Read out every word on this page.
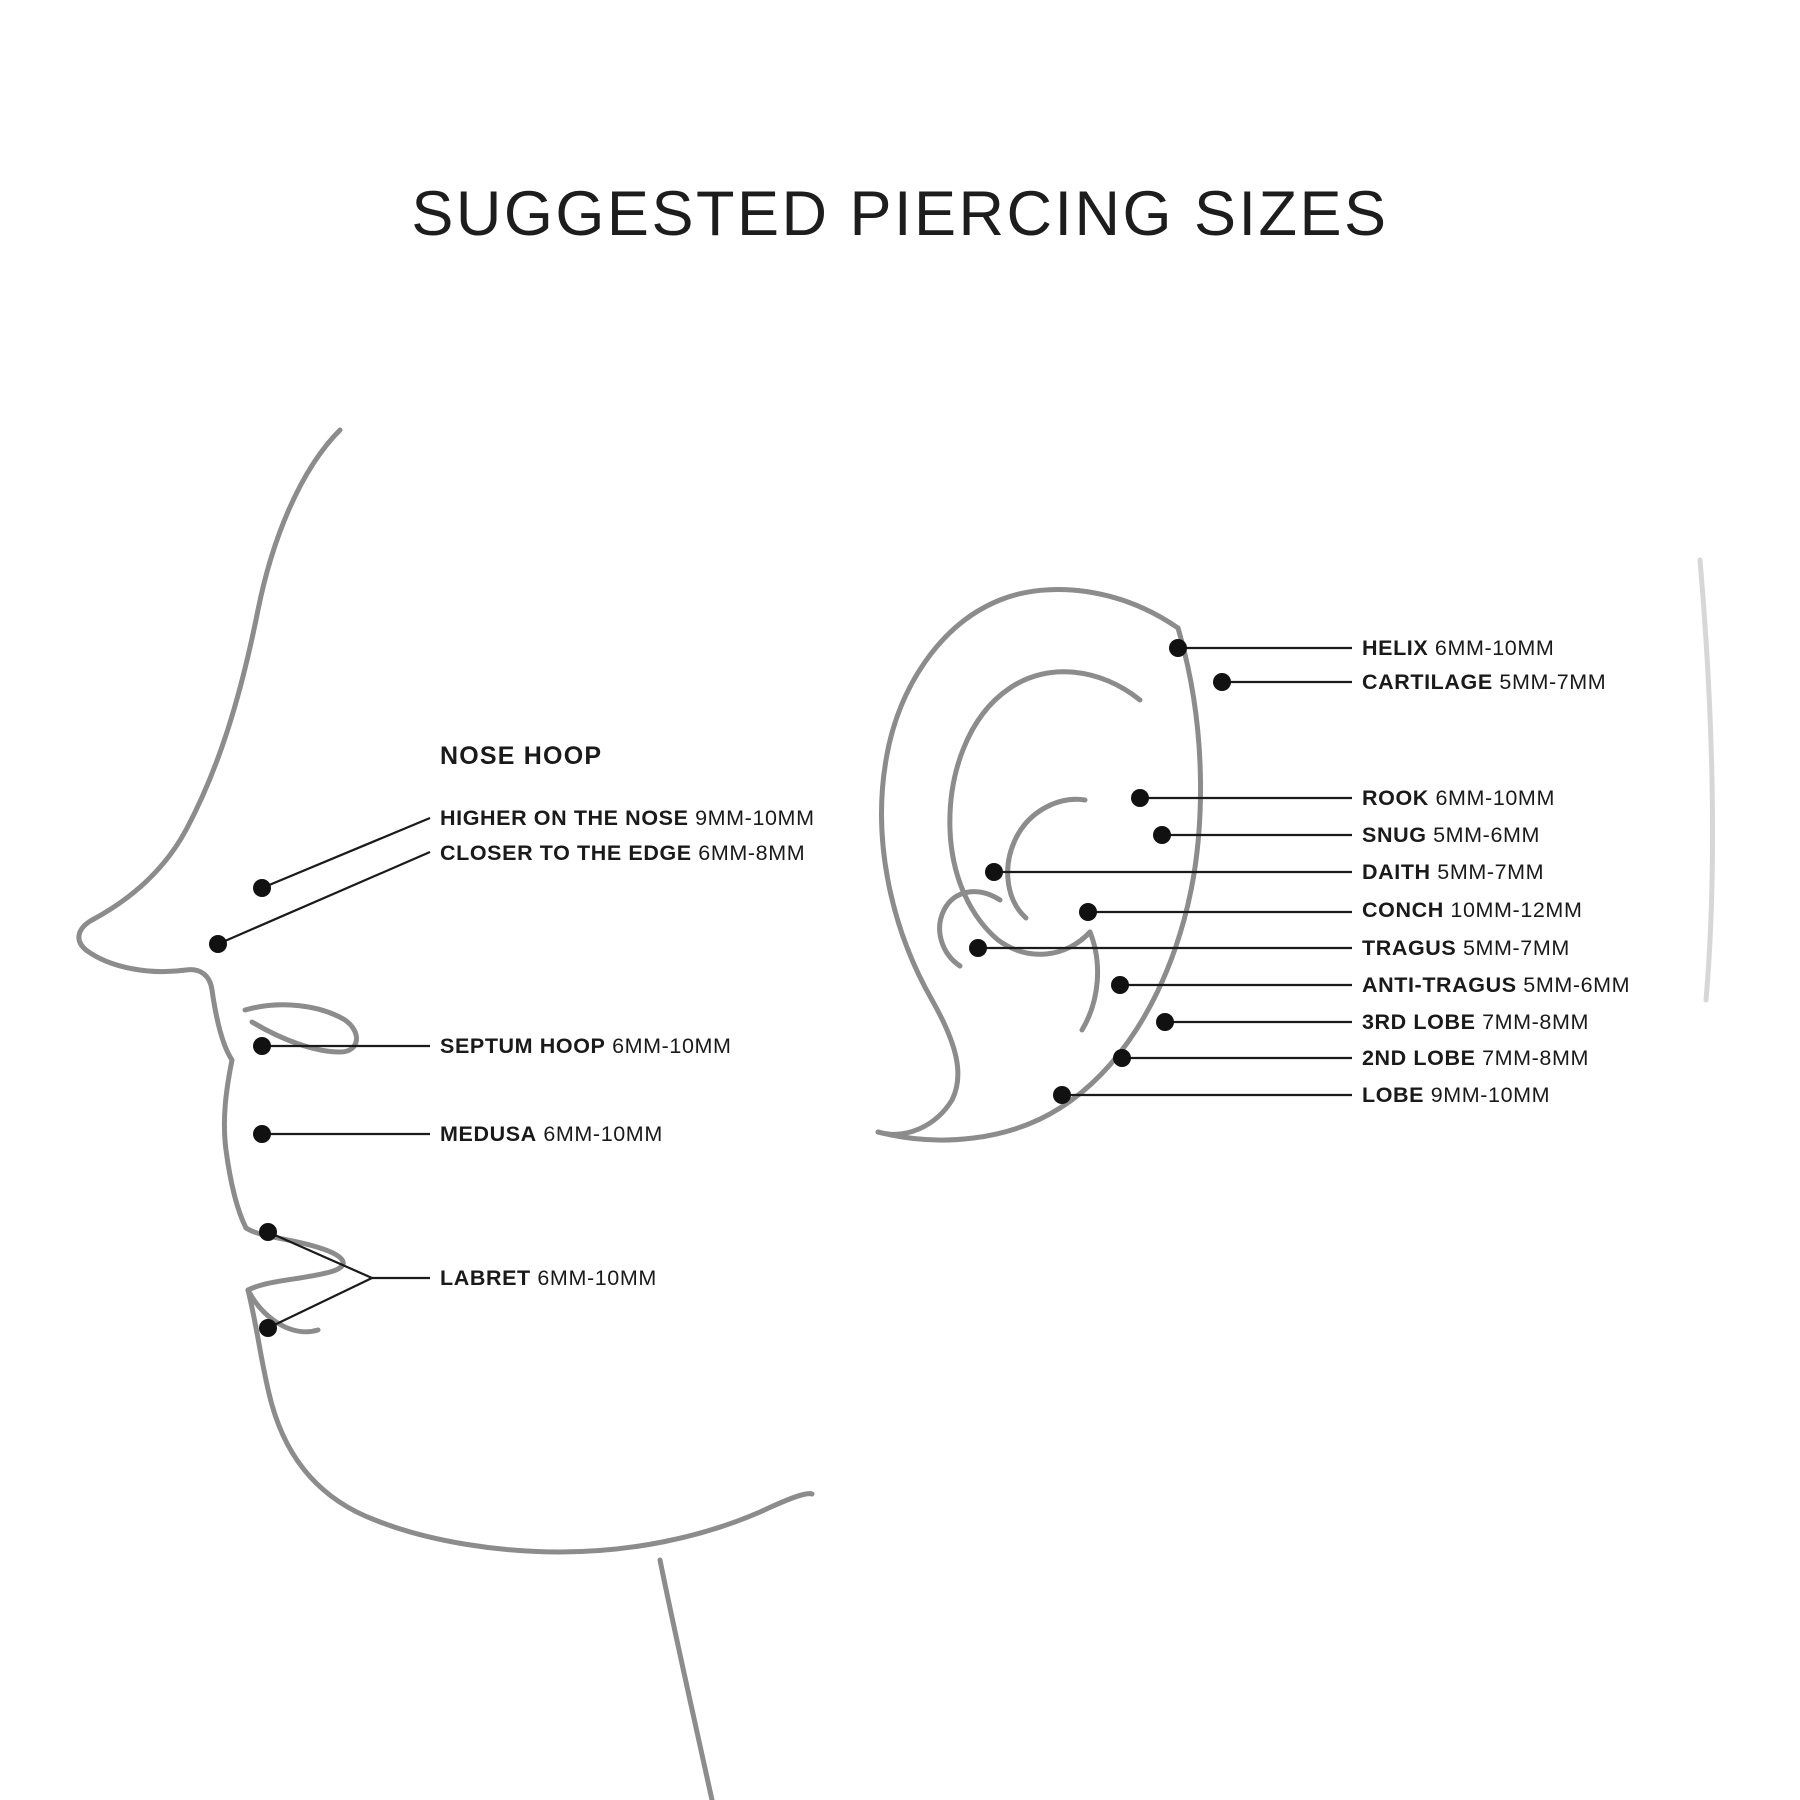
SUGGESTED PIERCING SIZES
NOSE HOOP
HIGHER ON THE NOSE 9MM-10MM
CLOSER TO THE EDGE 6MM-8MM
SEPTUM HOOP 6MM-10MM
MEDUSA 6MM-10MM
LABRET 6MM-10MM
HELIX 6MM-10MM
CARTILAGE 5MM-7MM
ROOK 6MM-10MM
SNUG 5MM-6MM
DAITH 5MM-7MM
CONCH 10MM-12MM
TRAGUS 5MM-7MM
ANTI-TRAGUS 5MM-6MM
3RD LOBE 7MM-8MM
2ND LOBE 7MM-8MM
LOBE 9MM-10MM
